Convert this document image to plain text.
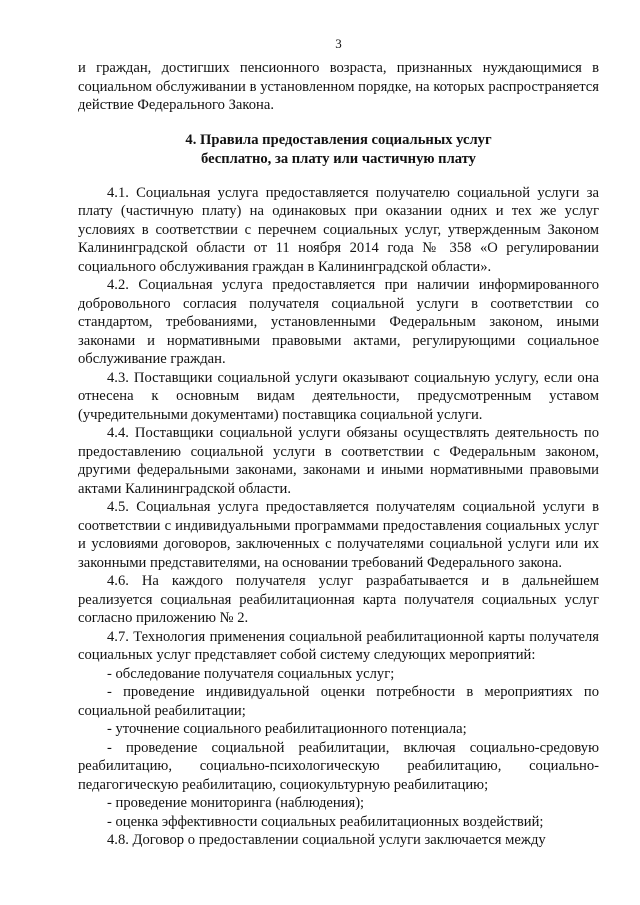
3

и граждан, достигших пенсионного возраста, признанных нуждающимися в социальном обслуживании в установленном порядке, на которых распространяется действие Федерального Закона.

4. Правила предоставления социальных услуг
бесплатно, за плату или частичную плату

4.1. Социальная услуга предоставляется получателю социальной услуги за плату (частичную плату) на одинаковых при оказании одних и тех же услуг условиях в соответствии с перечнем социальных услуг, утвержденным Законом Калининградской области от 11 ноября 2014 года № 358 «О регулировании социального обслуживания граждан в Калининградской области».

4.2. Социальная услуга предоставляется при наличии информированного добровольного согласия получателя социальной услуги в соответствии со стандартом, требованиями, установленными Федеральным законом, иными законами и нормативными правовыми актами, регулирующими социальное обслуживание граждан.

4.3. Поставщики социальной услуги оказывают социальную услугу, если она отнесена к основным видам деятельности, предусмотренным уставом (учредительными документами) поставщика социальной услуги.

4.4. Поставщики социальной услуги обязаны осуществлять деятельность по предоставлению социальной услуги в соответствии с Федеральным законом, другими федеральными законами, законами и иными нормативными правовыми актами Калининградской области.

4.5. Социальная услуга предоставляется получателям социальной услуги в соответствии с индивидуальными программами предоставления социальных услуг и условиями договоров, заключенных с получателями социальной услуги или их законными представителями, на основании требований Федерального закона.

4.6. На каждого получателя услуг разрабатывается и в дальнейшем реализуется социальная реабилитационная карта получателя социальных услуг согласно приложению № 2.

4.7. Технология применения социальной реабилитационной карты получателя социальных услуг представляет собой систему следующих мероприятий:

- обследование получателя социальных услуг;

- проведение индивидуальной оценки потребности в мероприятиях по социальной реабилитации;

- уточнение социального реабилитационного потенциала;

- проведение социальной реабилитации, включая социально-средовую реабилитацию, социально-психологическую реабилитацию, социально-педагогическую реабилитацию, социокультурную реабилитацию;

- проведение мониторинга (наблюдения);

- оценка эффективности социальных реабилитационных воздействий;

4.8. Договор о предоставлении социальной услуги заключается между
